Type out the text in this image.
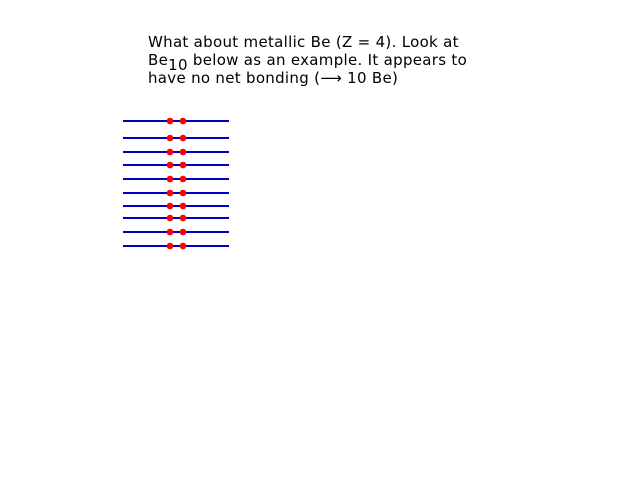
What about metallic Be (Z = 4). Look at
$Be_{10}$ below as an example. It appears to
have no net bonding (⟶ 10 Be)
